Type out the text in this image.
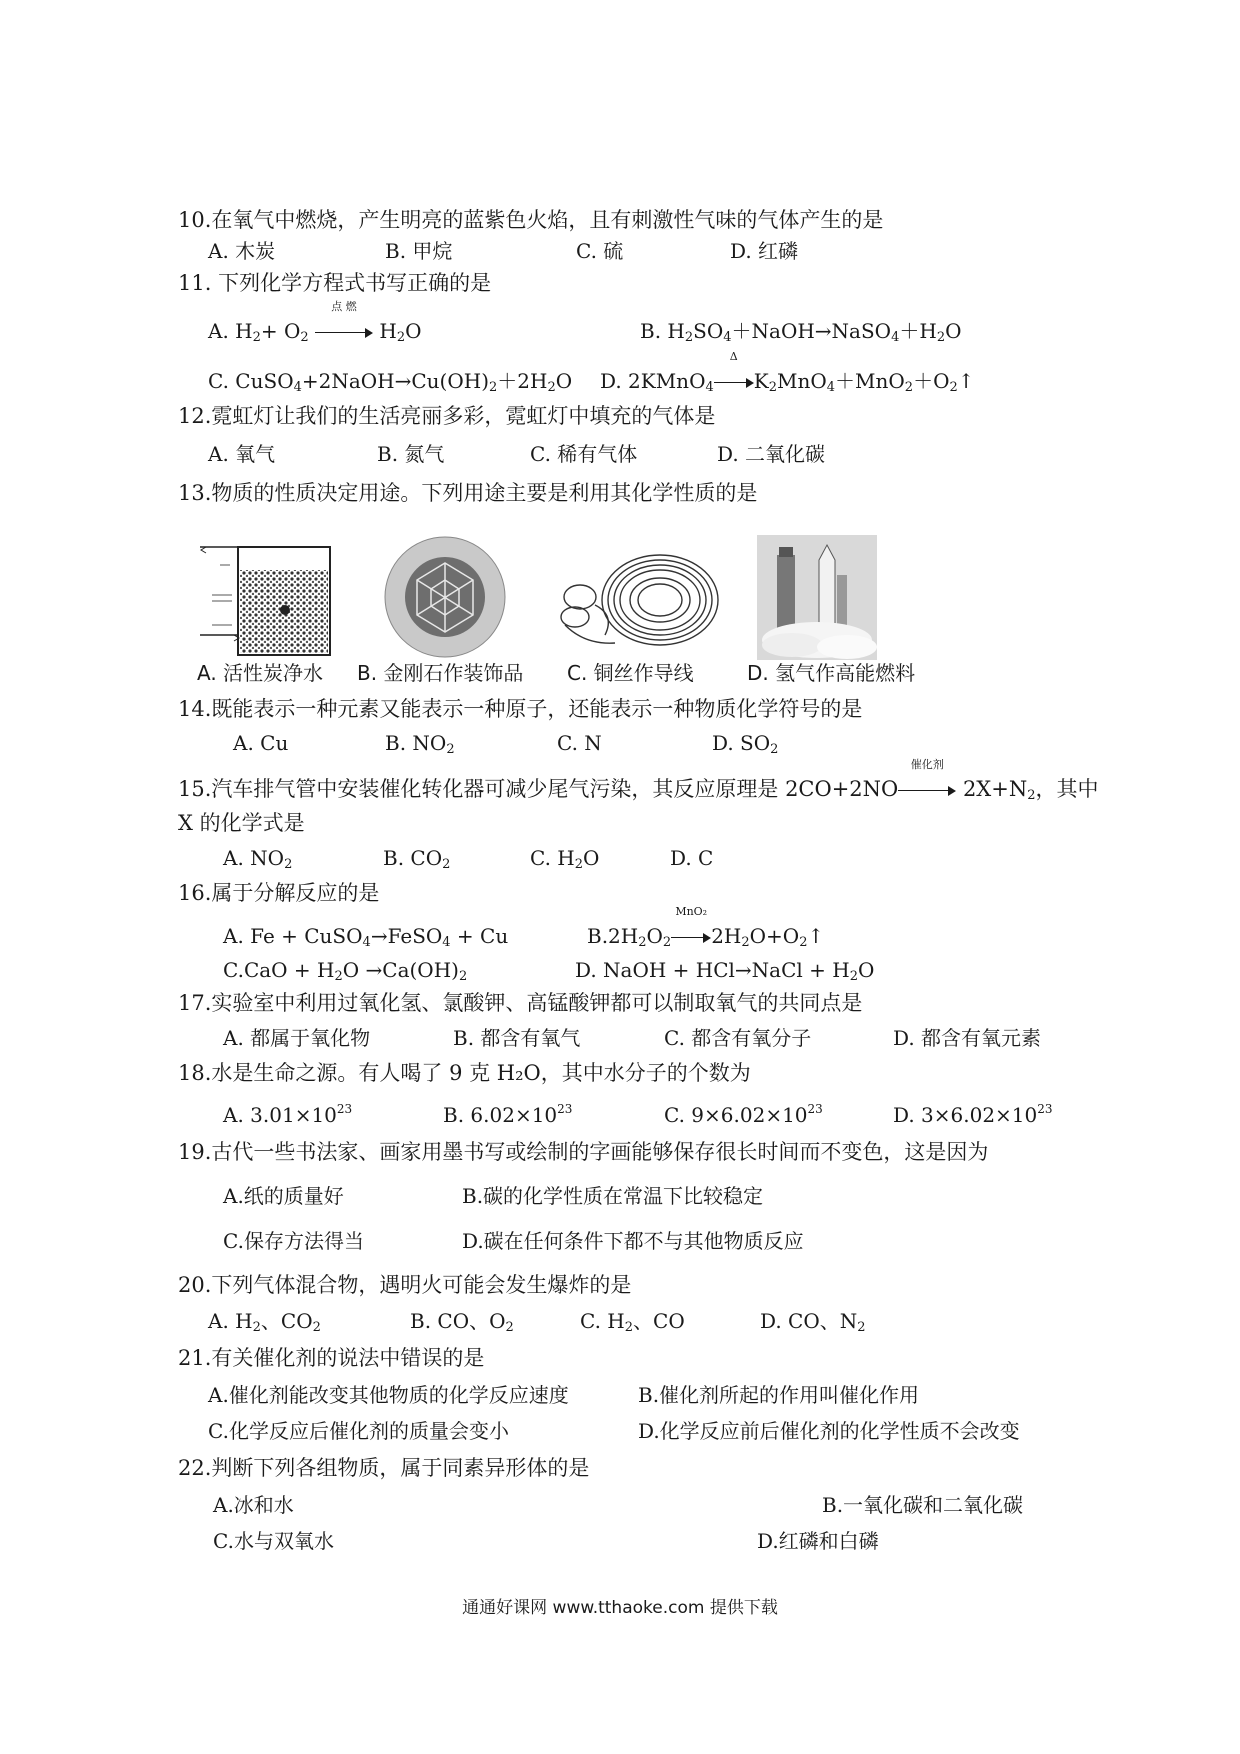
10.在氧气中燃烧，产生明亮的蓝紫色火焰，且有刺激性气味的气体产生的是
A. 木炭	B. 甲烷	C. 硫	D. 红磷
11. 下列化学方程式书写正确的是
A. $H_2+ O_2$
点 燃
$H_2O$	B. $H_2SO_4+NaOH\to NaSO_4+H_2O$
C. $CuSO_4+2NaOH\to Cu(OH)_2+2H_2O$ D. 2KMnO$_4$
Δ
$K_2MnO_4+MnO_2+O_2↑$
12.霓虹灯让我们的生活亮丽多彩，霓虹灯中填充的气体是
A. 氧气	B. 氮气	C. 稀有气体	D. 二氧化碳
13.物质的性质决定用途。下列用途主要是利用其化学性质的是
A. 活性炭净水 B. 金刚石作装饰品 C. 铜丝作导线	D. 氢气作高能燃料
14.既能表示一种元素又能表示一种原子，还能表示一种物质化学符号的是
A. Cu	B. $NO_2$	C. N	D. $SO_2$
15.汽车排气管中安装催化转化器可减少尾气污染，其反应原理是 2CO+2NO
催化剂
$2X+N_2$，其中
X 的化学式是
A. $NO_2$	B. $CO_2$	C. $H_2O$	D. C
16.属于分解反应的是
A. Fe + CuSO$_4$→FeSO$_4$ + Cu	$B.2H_2O_2$
MnO₂
$2H_2O+O_2↑$
$C.CaO + H_2O \to Ca(OH)_2$	D. NaOH + HCl→NaCl + $H_2O$
17.实验室中利用过氧化氢、氯酸钾、高锰酸钾都可以制取氧气的共同点是
A. 都属于氧化物	B. 都含有氧气	C. 都含有氧分子	D. 都含有氧元素
18.水是生命之源。有人喝了 9 克 H₂O，其中水分子的个数为
A. $3.01\times 10^{23}$	B. $6.02\times 10^{23}$	C. $9\times 6.02\times 10^{23}$	D. $3\times 6.02\times 10^{23}$
19.古代一些书法家、画家用墨书写或绘制的字画能够保存很长时间而不变色，这是因为
A.纸的质量好	B.碳的化学性质在常温下比较稳定
C.保存方法得当	D.碳在任何条件下都不与其他物质反应
20.下列气体混合物，遇明火可能会发生爆炸的是
A. $H_2$、$CO_2$	B. CO、$O_2$	C. $H_2$、CO	D. CO、$N_2$
21.有关催化剂的说法中错误的是
A.催化剂能改变其他物质的化学反应速度	B.催化剂所起的作用叫催化作用
C.化学反应后催化剂的质量会变小	D.化学反应前后催化剂的化学性质不会改变
22.判断下列各组物质，属于同素异形体的是
A.冰和水	B.一氧化碳和二氧化碳
C.水与双氧水	D.红磷和白磷
通通好课网 www.tthaoke.com 提供下载
